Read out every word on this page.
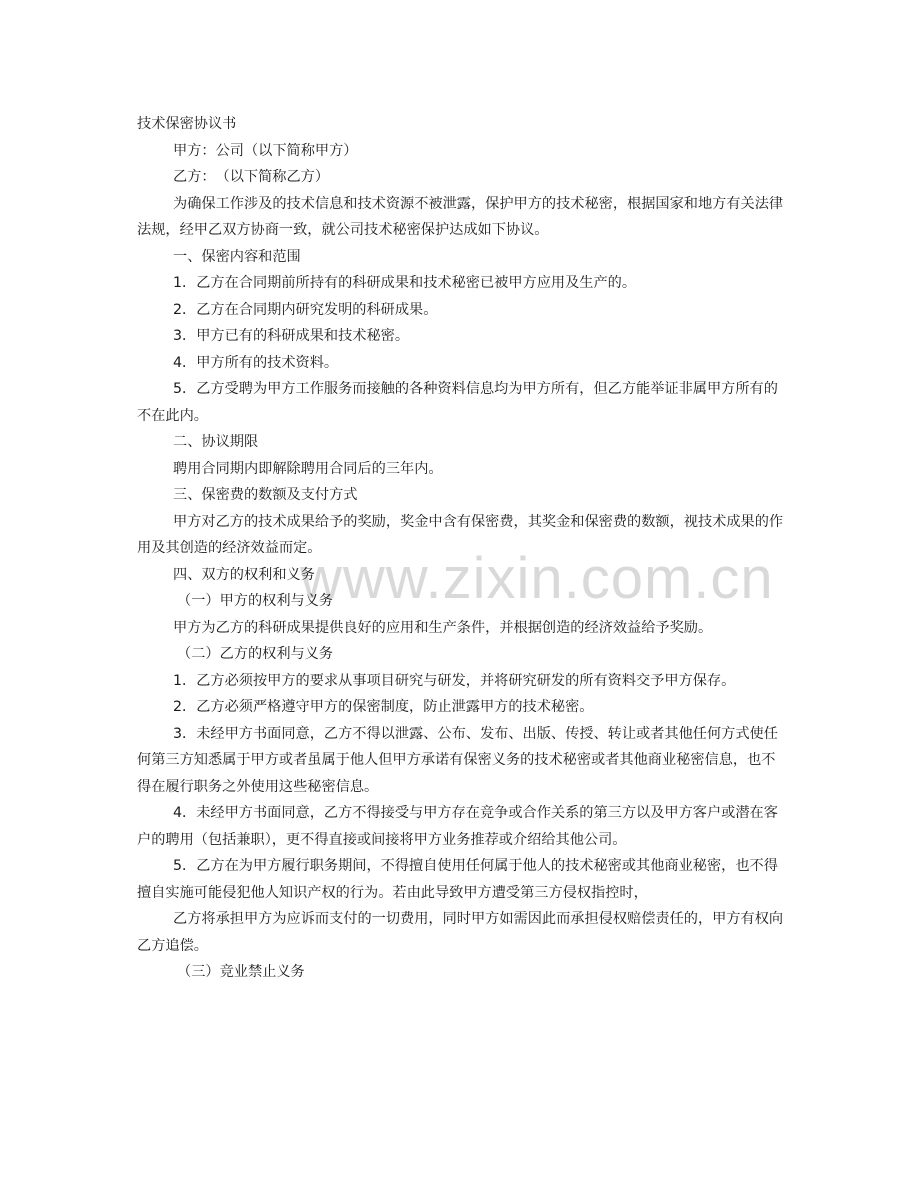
www.zixin.com.cn

技术保密协议书

甲方：公司（以下简称甲方）

乙方：　（以下简称乙方）

为确保工作涉及的技术信息和技术资源不被泄露，保护甲方的技术秘密，根据国家和地方有关法律法规，经甲乙双方协商一致，就公司技术秘密保护达成如下协议。

一、保密内容和范围

1．乙方在合同期前所持有的科研成果和技术秘密已被甲方应用及生产的。

2．乙方在合同期内研究发明的科研成果。

3．甲方已有的科研成果和技术秘密。

4．甲方所有的技术资料。

5．乙方受聘为甲方工作服务而接触的各种资料信息均为甲方所有，但乙方能举证非属甲方所有的不在此内。

二、协议期限

聘用合同期内即解除聘用合同后的三年内。

三、保密费的数额及支付方式

甲方对乙方的技术成果给予的奖励，奖金中含有保密费，其奖金和保密费的数额，视技术成果的作用及其创造的经济效益而定。

四、双方的权利和义务

（一）甲方的权利与义务

甲方为乙方的科研成果提供良好的应用和生产条件，并根据创造的经济效益给予奖励。

（二）乙方的权利与义务

1．乙方必须按甲方的要求从事项目研究与研发，并将研究研发的所有资料交予甲方保存。

2．乙方必须严格遵守甲方的保密制度，防止泄露甲方的技术秘密。

3．未经甲方书面同意，乙方不得以泄露、公布、发布、出版、传授、转让或者其他任何方式使任何第三方知悉属于甲方或者虽属于他人但甲方承诺有保密义务的技术秘密或者其他商业秘密信息，也不得在履行职务之外使用这些秘密信息。

4．未经甲方书面同意，乙方不得接受与甲方存在竞争或合作关系的第三方以及甲方客户或潜在客户的聘用（包括兼职），更不得直接或间接将甲方业务推荐或介绍给其他公司。

5．乙方在为甲方履行职务期间，不得擅自使用任何属于他人的技术秘密或其他商业秘密，也不得擅自实施可能侵犯他人知识产权的行为。若由此导致甲方遭受第三方侵权指控时，

乙方将承担甲方为应诉而支付的一切费用，同时甲方如需因此而承担侵权赔偿责任的，甲方有权向乙方追偿。

（三）竞业禁止义务
